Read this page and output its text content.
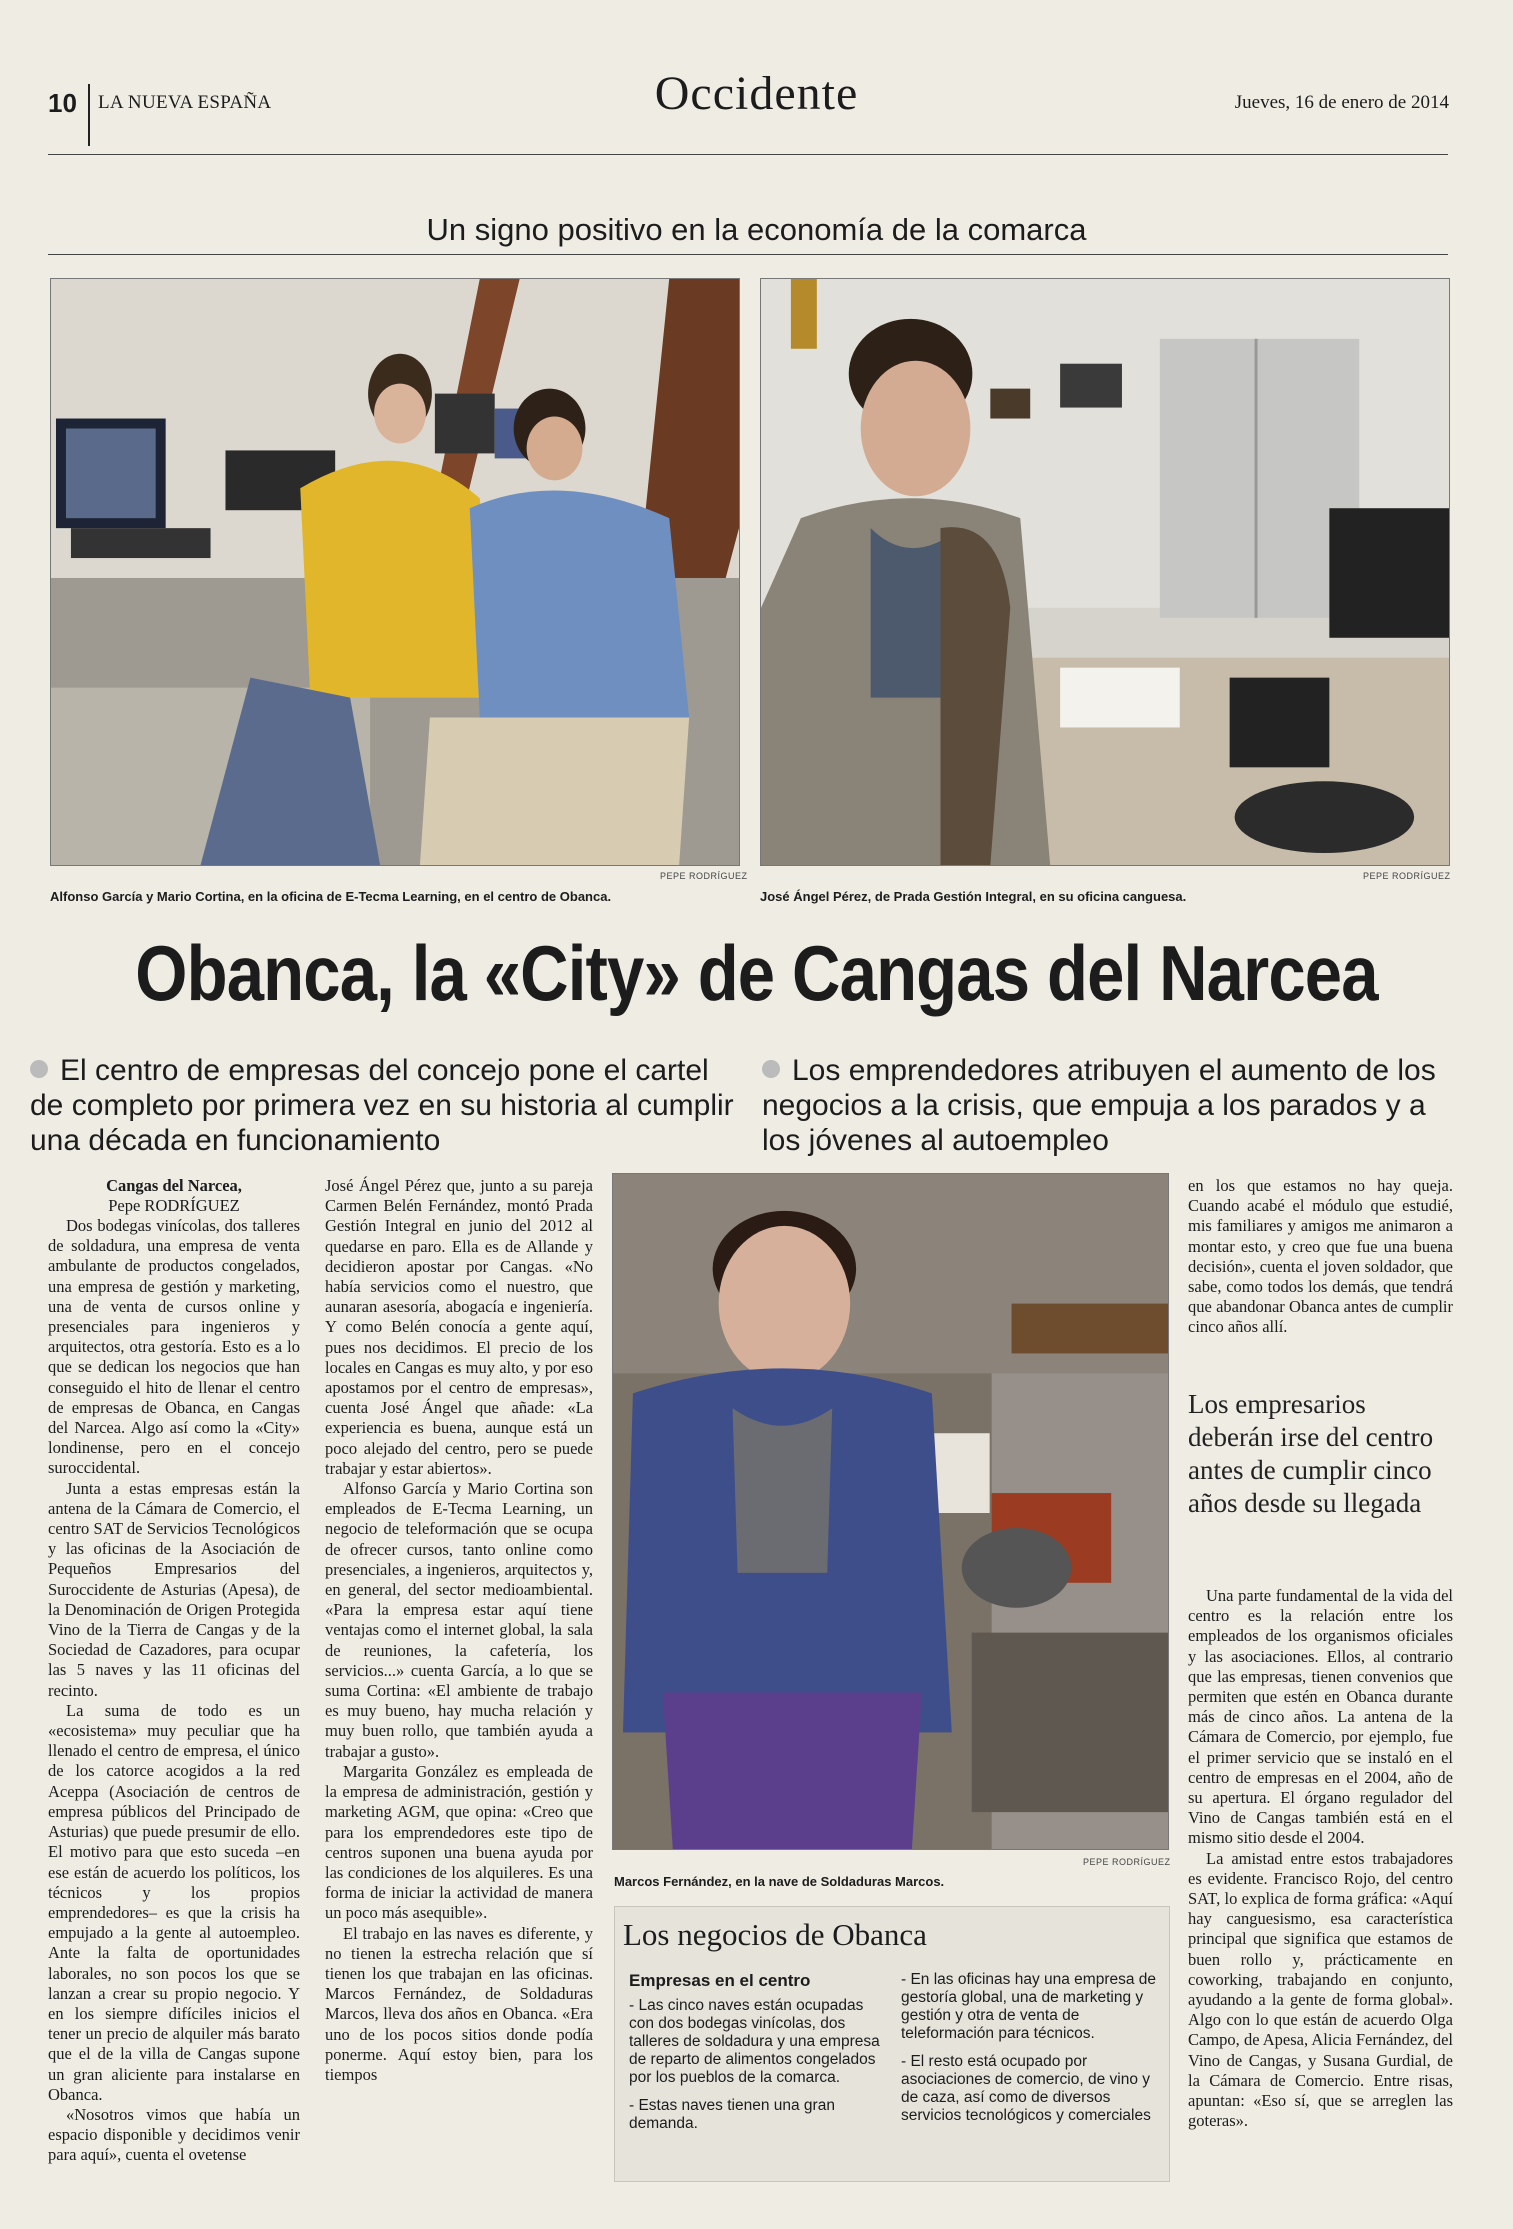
10 LA NUEVA ESPAÑA	Occidente	Jueves, 16 de enero de 2014
Un signo positivo en la economía de la comarca
PEPE RODRÍGUEZ
Alfonso García y Mario Cortina, en la oficina de E-Tecma Learning, en el centro de Obanca.
PEPE RODRÍGUEZ
José Ángel Pérez, de Prada Gestión Integral, en su oficina canguesa.
Obanca, la «City» de Cangas del Narcea
El centro de empresas del concejo pone el cartel de completo por primera vez en su historia al cumplir una década en funcionamiento
Los emprendedores atribuyen el aumento de los negocios a la crisis, que empuja a los parados y a los jóvenes al autoempleo
Cangas del Narcea,
Pepe RODRÍGUEZ

Dos bodegas vinícolas, dos talleres de soldadura, una empresa de venta ambulante de productos congelados, una empresa de gestión y marketing, una de venta de cursos online y presenciales para ingenieros y arquitectos, otra gestoría. Esto es a lo que se dedican los negocios que han conseguido el hito de llenar el centro de empresas de Obanca, en Cangas del Narcea. Algo así como la «City» londinense, pero en el concejo suroccidental.

Junta a estas empresas están la antena de la Cámara de Comercio, el centro SAT de Servicios Tecnológicos y las oficinas de la Asociación de Pequeños Empresarios del Suroccidente de Asturias (Apesa), de la Denominación de Origen Protegida Vino de la Tierra de Cangas y de la Sociedad de Cazadores, para ocupar las 5 naves y las 11 oficinas del recinto.

La suma de todo es un «ecosistema» muy peculiar que ha llenado el centro de empresa, el único de los catorce acogidos a la red Aceppa (Asociación de centros de empresa públicos del Principado de Asturias) que puede presumir de ello. El motivo para que esto suceda –en ese están de acuerdo los políticos, los técnicos y los propios emprendedores– es que la crisis ha empujado a la gente al autoempleo. Ante la falta de oportunidades laborales, no son pocos los que se lanzan a crear su propio negocio. Y en los siempre difíciles inicios el tener un precio de alquiler más barato que el de la villa de Cangas supone un gran aliciente para instalarse en Obanca.

«Nosotros vimos que había un espacio disponible y decidimos venir para aquí», cuenta el ovetense

José Ángel Pérez que, junto a su pareja Carmen Belén Fernández, montó Prada Gestión Integral en junio del 2012 al quedarse en paro. Ella es de Allande y decidieron apostar por Cangas. «No había servicios como el nuestro, que aunaran asesoría, abogacía e ingeniería. Y como Belén conocía a gente aquí, pues nos decidimos. El precio de los locales en Cangas es muy alto, y por eso apostamos por el centro de empresas», cuenta José Ángel que añade: «La experiencia es buena, aunque está un poco alejado del centro, pero se puede trabajar y estar abiertos».

Alfonso García y Mario Cortina son empleados de E-Tecma Learning, un negocio de teleformación que se ocupa de ofrecer cursos, tanto online como presenciales, a ingenieros, arquitectos y, en general, del sector medioambiental. «Para la empresa estar aquí tiene ventajas como el internet global, la sala de reuniones, la cafetería, los servicios...» cuenta García, a lo que se suma Cortina: «El ambiente de trabajo es muy bueno, hay mucha relación y muy buen rollo, que también ayuda a trabajar a gusto».

Margarita González es empleada de la empresa de administración, gestión y marketing AGM, que opina: «Creo que para los emprendedores este tipo de centros suponen una buena ayuda por las condiciones de los alquileres. Es una forma de iniciar la actividad de manera un poco más asequible».

El trabajo en las naves es diferente, y no tienen la estrecha relación que sí tienen los que trabajan en las oficinas. Marcos Fernández, de Soldaduras Marcos, lleva dos años en Obanca. «Era uno de los pocos sitios donde podía ponerme. Aquí estoy bien, para los tiempos

PEPE RODRÍGUEZ
Marcos Fernández, en la nave de Soldaduras Marcos.
Los negocios de Obanca
Empresas en el centro
- Las cinco naves están ocupadas con dos bodegas vinícolas, dos talleres de soldadura y una empresa de reparto de alimentos congelados por los pueblos de la comarca.
- Estas naves tienen una gran demanda.
- En las oficinas hay una empresa de gestoría global, una de marketing y gestión y otra de venta de teleformación para técnicos.
- El resto está ocupado por asociaciones de comercio, de vino y de caza, así como de diversos servicios tecnológicos y comerciales

en los que estamos no hay queja. Cuando acabé el módulo que estudié, mis familiares y amigos me animaron a montar esto, y creo que fue una buena decisión», cuenta el joven soldador, que sabe, como todos los demás, que tendrá que abandonar Obanca antes de cumplir cinco años allí.

Los empresarios deberán irse del centro antes de cumplir cinco años desde su llegada

Una parte fundamental de la vida del centro es la relación entre los empleados de los organismos oficiales y las asociaciones. Ellos, al contrario que las empresas, tienen convenios que permiten que estén en Obanca durante más de cinco años. La antena de la Cámara de Comercio, por ejemplo, fue el primer servicio que se instaló en el centro de empresas en el 2004, año de su apertura. El órgano regulador del Vino de Cangas también está en el mismo sitio desde el 2004.

La amistad entre estos trabajadores es evidente. Francisco Rojo, del centro SAT, lo explica de forma gráfica: «Aquí hay canguesismo, esa característica principal que significa que estamos de buen rollo y, prácticamente en coworking, trabajando en conjunto, ayudando a la gente de forma global». Algo con lo que están de acuerdo Olga Campo, de Apesa, Alicia Fernández, del Vino de Cangas, y Susana Gurdial, de la Cámara de Comercio. Entre risas, apuntan: «Eso sí, que se arreglen las goteras».
